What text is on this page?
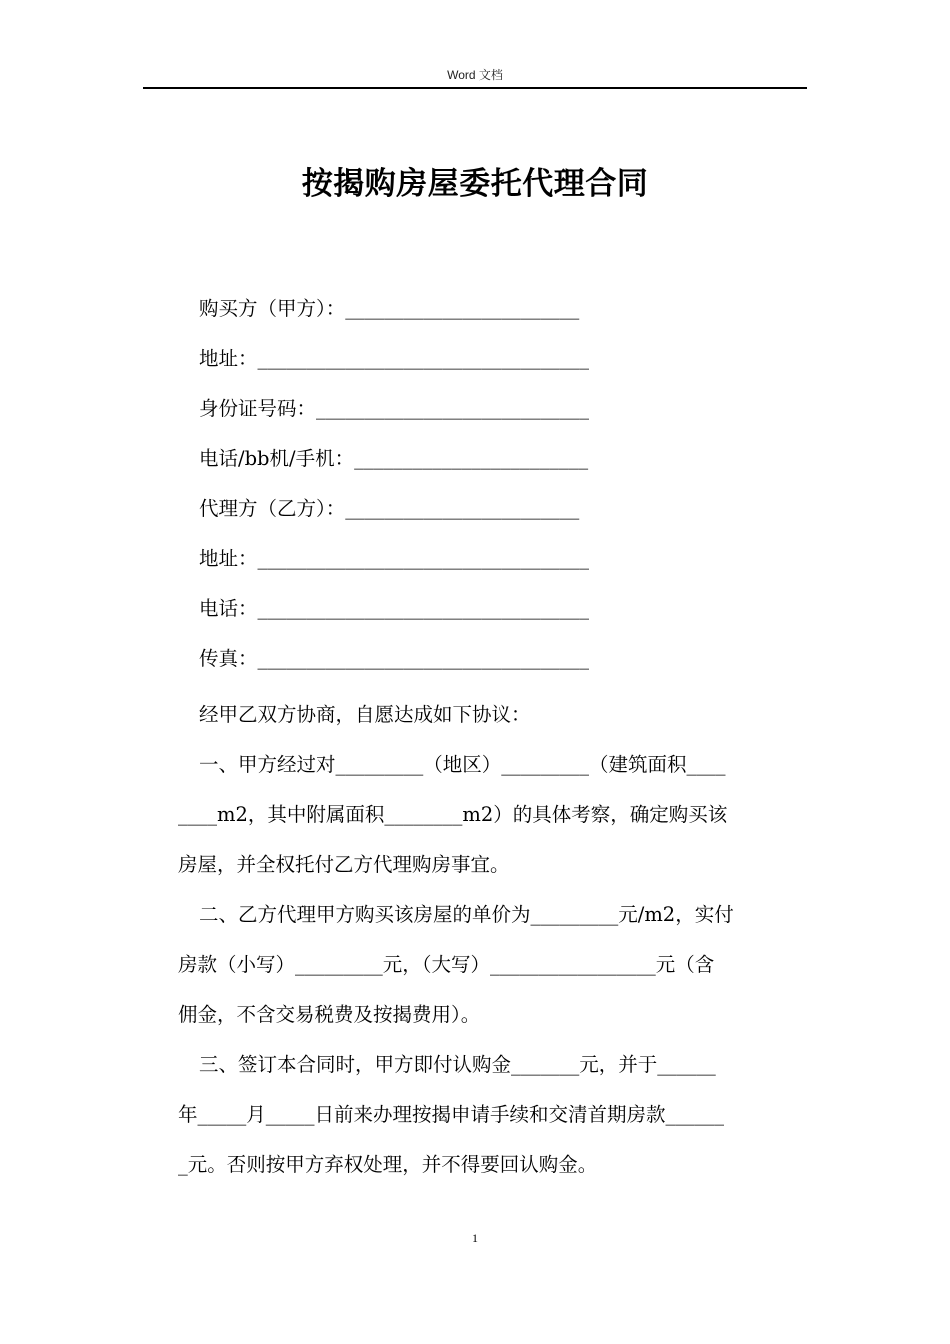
Word 文档
按揭购房屋委托代理合同
购买方（甲方）：________________________
地址：__________________________________
身份证号码：____________________________
电话/bb机/手机：________________________
代理方（乙方）：________________________
地址：__________________________________
电话：__________________________________
传真：__________________________________
经甲乙双方协商，自愿达成如下协议：
一、甲方经过对_________（地区）_________（建筑面积____
____m2，其中附属面积________m2）的具体考察，确定购买该
房屋，并全权托付乙方代理购房事宜。
二、乙方代理甲方购买该房屋的单价为_________元/m2，实付
房款（小写）_________元，（大写）_________________元（含
佣金，不含交易税费及按揭费用）。
三、签订本合同时，甲方即付认购金_______元，并于______
年_____月_____日前来办理按揭申请手续和交清首期房款______
_元。否则按甲方弃权处理，并不得要回认购金。
1
